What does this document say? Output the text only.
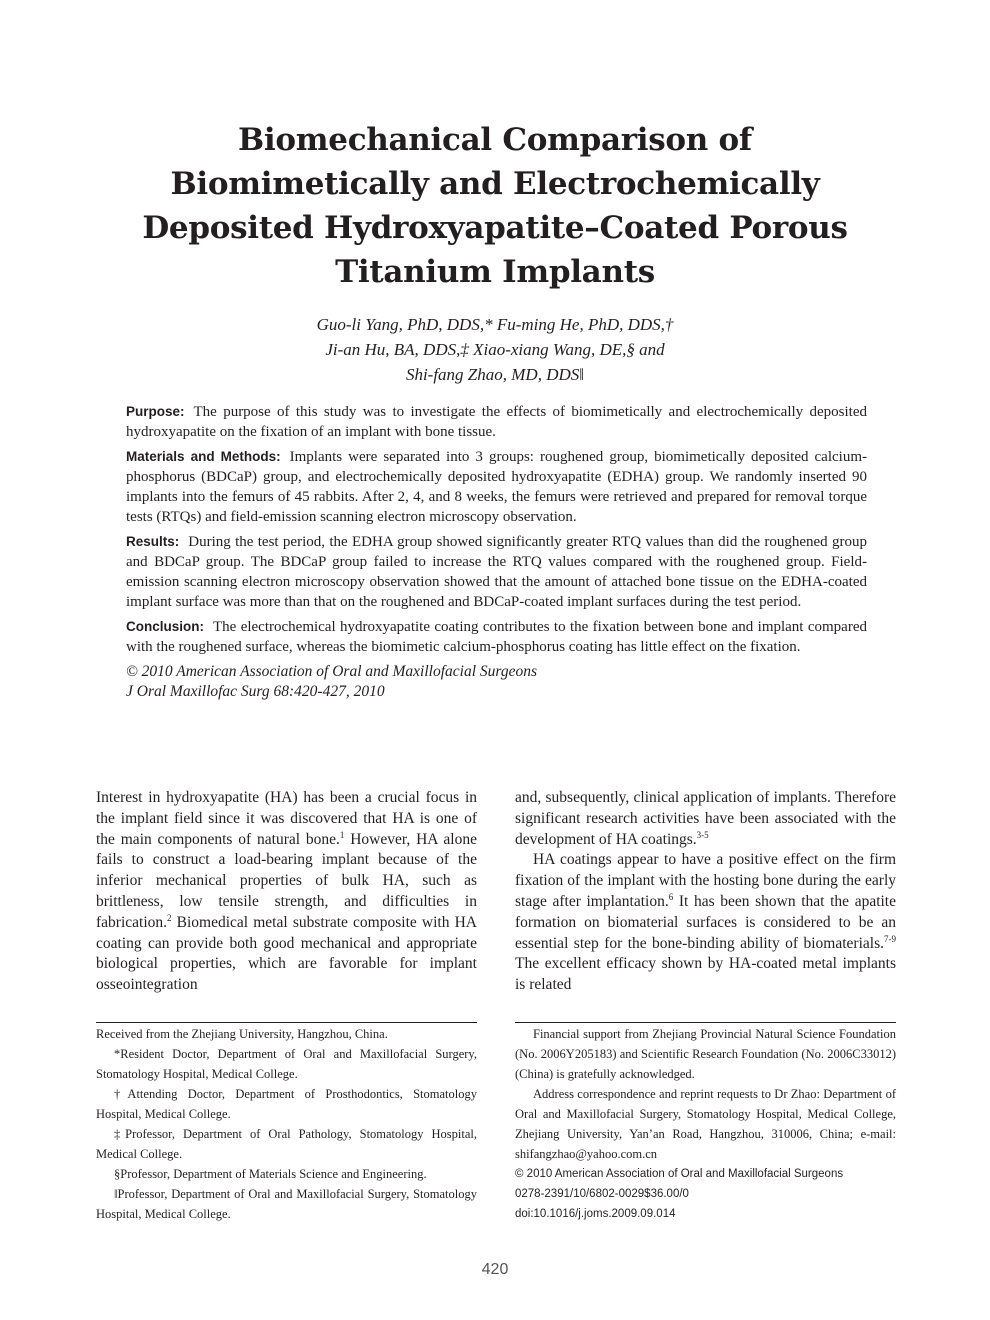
Biomechanical Comparison of Biomimetically and Electrochemically Deposited Hydroxyapatite–Coated Porous Titanium Implants
Guo-li Yang, PhD, DDS,* Fu-ming He, PhD, DDS,†
Ji-an Hu, BA, DDS,‡ Xiao-xiang Wang, DE,§ and
Shi-fang Zhao, MD, DDS‖

Purpose: The purpose of this study was to investigate the effects of biomimetically and electrochemically deposited hydroxyapatite on the fixation of an implant with bone tissue.

Materials and Methods: Implants were separated into 3 groups: roughened group, biomimetically deposited calcium-phosphorus (BDCaP) group, and electrochemically deposited hydroxyapatite (EDHA) group. We randomly inserted 90 implants into the femurs of 45 rabbits. After 2, 4, and 8 weeks, the femurs were retrieved and prepared for removal torque tests (RTQs) and field-emission scanning electron microscopy observation.

Results: During the test period, the EDHA group showed significantly greater RTQ values than did the roughened group and BDCaP group. The BDCaP group failed to increase the RTQ values compared with the roughened group. Field-emission scanning electron microscopy observation showed that the amount of attached bone tissue on the EDHA-coated implant surface was more than that on the roughened and BDCaP-coated implant surfaces during the test period.

Conclusion: The electrochemical hydroxyapatite coating contributes to the fixation between bone and implant compared with the roughened surface, whereas the biomimetic calcium-phosphorus coating has little effect on the fixation.

© 2010 American Association of Oral and Maxillofacial Surgeons

J Oral Maxillofac Surg 68:420-427, 2010

Interest in hydroxyapatite (HA) has been a crucial focus in the implant field since it was discovered that HA is one of the main components of natural bone.$^1$ However, HA alone fails to construct a load-bearing implant because of the inferior mechanical properties of bulk HA, such as brittleness, low tensile strength, and difficulties in fabrication.$^2$ Biomedical metal substrate composite with HA coating can provide both good mechanical and appropriate biological properties, which are favorable for implant osseointegration

and, subsequently, clinical application of implants. Therefore significant research activities have been associated with the development of HA coatings.$^{3-5}$

HA coatings appear to have a positive effect on the firm fixation of the implant with the hosting bone during the early stage after implantation.$^6$ It has been shown that the apatite formation on biomaterial surfaces is considered to be an essential step for the bone-binding ability of biomaterials.$^{7-9}$ The excellent efficacy shown by HA-coated metal implants is related

Received from the Zhejiang University, Hangzhou, China.

*Resident Doctor, Department of Oral and Maxillofacial Surgery, Stomatology Hospital, Medical College.

†Attending Doctor, Department of Prosthodontics, Stomatology Hospital, Medical College.

‡Professor, Department of Oral Pathology, Stomatology Hospital, Medical College.

§Professor, Department of Materials Science and Engineering.

‖Professor, Department of Oral and Maxillofacial Surgery, Stomatology Hospital, Medical College.

Financial support from Zhejiang Provincial Natural Science Foundation (No. 2006Y205183) and Scientific Research Foundation (No. 2006C33012) (China) is gratefully acknowledged.

Address correspondence and reprint requests to Dr Zhao: Department of Oral and Maxillofacial Surgery, Stomatology Hospital, Medical College, Zhejiang University, Yan’an Road, Hangzhou, 310006, China; e-mail: shifangzhao@yahoo.com.cn

© 2010 American Association of Oral and Maxillofacial Surgeons

0278-2391/10/6802-0029$36.00/0

doi:10.1016/j.joms.2009.09.014

420
